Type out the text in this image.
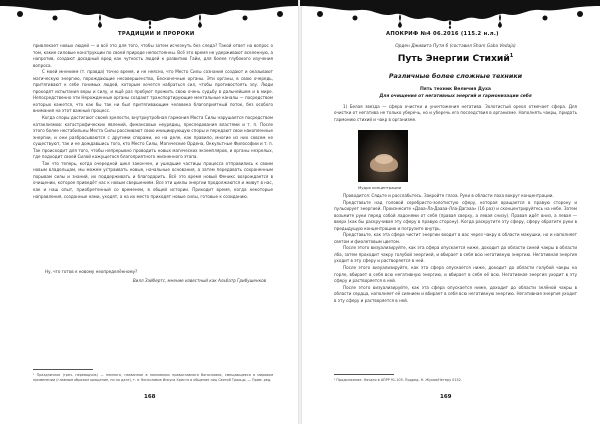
ТРАДИЦИИ И ПРОРОКИ

привлекает новых людей — и всё это для того, чтобы затем исчезнуть без следа? Такой ответ на вопрос о том, какие силовые конструкции по своей природе непостоянны. Всё это время не удерживают вселенную, а напротив, создают досадный вред как чуткость людей к развитию Гайи, для более глубокого изучения вопроса.

С моей мнением (т. правда) точно время, и не неясно, что Место Силы сознания создают и оказывают магическую энергию, порождающие несовершенство, Бесконечные органы. Эти органы, в свою очередь, притягивают к себе гонимых людей, которым хочется набраться сил, чтобы противостоять злу. Люди проходят испытания веры и силу, и ещё раз пробуют прожить свою очень судьбу в дальнейшем и в мире. Непосредственно эти Нерожденные органы создают транспортирующие ментальные каналы — посредством которых кажется, что как бы так ни был притягивающим человека благоприятный поток, без особого внимания на этот важный процесс.

Когда споры достигают своей зрелости, внутриутробная гармония Места Силы нарушается посредством катаклизмов: катастрофических явлений, финансовых неурядиц, преследования властями и т. п. После этого более нестабильны Места Силы рассеивают свою инициирующую споры и передают свои накопленные энергии, и они разбрасываются с другими спорами, но на деле, как правило, многие из них совсем не существуют, так и не дождавшись того, кто Место Силы, Магические Ордена, Оккультные Философии и т. п. Так происходит для того, чтобы непрерывно проводить новых магических экземпляров, и органы незрелых, где подходит своей Силой кажущегося благоприятного жизненного этапа.

Так что теперь, когда очередной цикл закончен, и ушедшие частицы процесса отправились к своим новым владельцам, мы можем устраивать новые, начальные основания, а затем передавать сохраненным порывам силы и знаний, их поддерживать и благодарить. Всё это время новый Феникс возрождается в очищении, которое приведёт нас к новым свершениям. Все эти циклы энергии продолжаются и живут в нас, как и наш опыт, приобретенный со временем, в общей истории. Приходит время, когда некоторые направления, созданные нами, уходят, а на их место приходят новые силы, готовые к созиданию.

Ну, что готов к новому неопределённому?
Вилл Зайбертс, мнение известный как Альбатр Грибушенков
¹ Праздничное (греч. переводчик) — немного, названное в понимании православного богословия, смещающееся в мировом применении (главным образом крещение, но по дате), т. е. богословие Иисуса Христа и общение лиц Святой Троицы. — Прим. ред.
168
АПОКРИФ №4 06.2016 (115.2 н.л.)
Орден Дживита Пути 6 (составил Sham Gaba Vedaja)
Путь Энергии Стихий$^1$
Различные более сложные техники
Пять техник Величия Духа
Для очищения от негативных энергий и гармонизации себя

1) Белая звезда — сфера очистки и уничтожения негатива. Золотистый ореол отмечает сфера. Для очистки от негатива не только уберечь, но и уберечь его последствия в организме. Наполнять чакры, придать гармонию стихий и чакр в организме.

Мудра концентрации

Проводится: Сядьте и расслабьтесь. Закройте глаза. Руки в области паха вокруг концентрации.

Представьте над головой серебристо-золотистую сферу, которая вращается в правую сторону и пульсирует энергией. Произнесите «Дааа-Ла-Даааа-Лла-Дагааа» (16 раз) и сконцентрируйтесь на небе. Затем возьмите руки перед собой ладонями от себя (правая сверху, а левая снизу). Правая идёт вниз, а левая — вверх (как бы раскручивая эту сферу в правую сторону). Когда раскрутите эту сферу, сферу обратите руки в предыдущую концентрацию и погрузите внутрь.

Представьте, как эта сфера чистит энергии входит в вас через чакру в области макушки, но и наполняет светом и фиолетовым цветом.

После этого визуализируйте, как эта сфера опускается ниже, доходит до области синей чакры в области лба, затем проходит чакру голубой энергией, и вбирает в себя всю негативную энергию. Негативная энергия уходит в эту сферу и растворяется в ней.

После этого визуализируйте, как эта сфера опускается ниже, доходит до области голубой чакры на горле, вбирает в себя всю негативную энергию, и вбирает в себя её всю. Негативная энергия уходит в эту сферу и растворяется в ней.

После этого визуализируйте, как эта сфера опускается ниже, доходит до области зелёной чакры в области сердца, наполняет её сиянием и вбирает в себя всю негативную энергию. Негативная энергия уходит в эту сферу и растворяется в ней.

¹ Продолжение. Начало в АПРР 91-105. Подред. Н. Жуков/Нетеру 0152.
169
